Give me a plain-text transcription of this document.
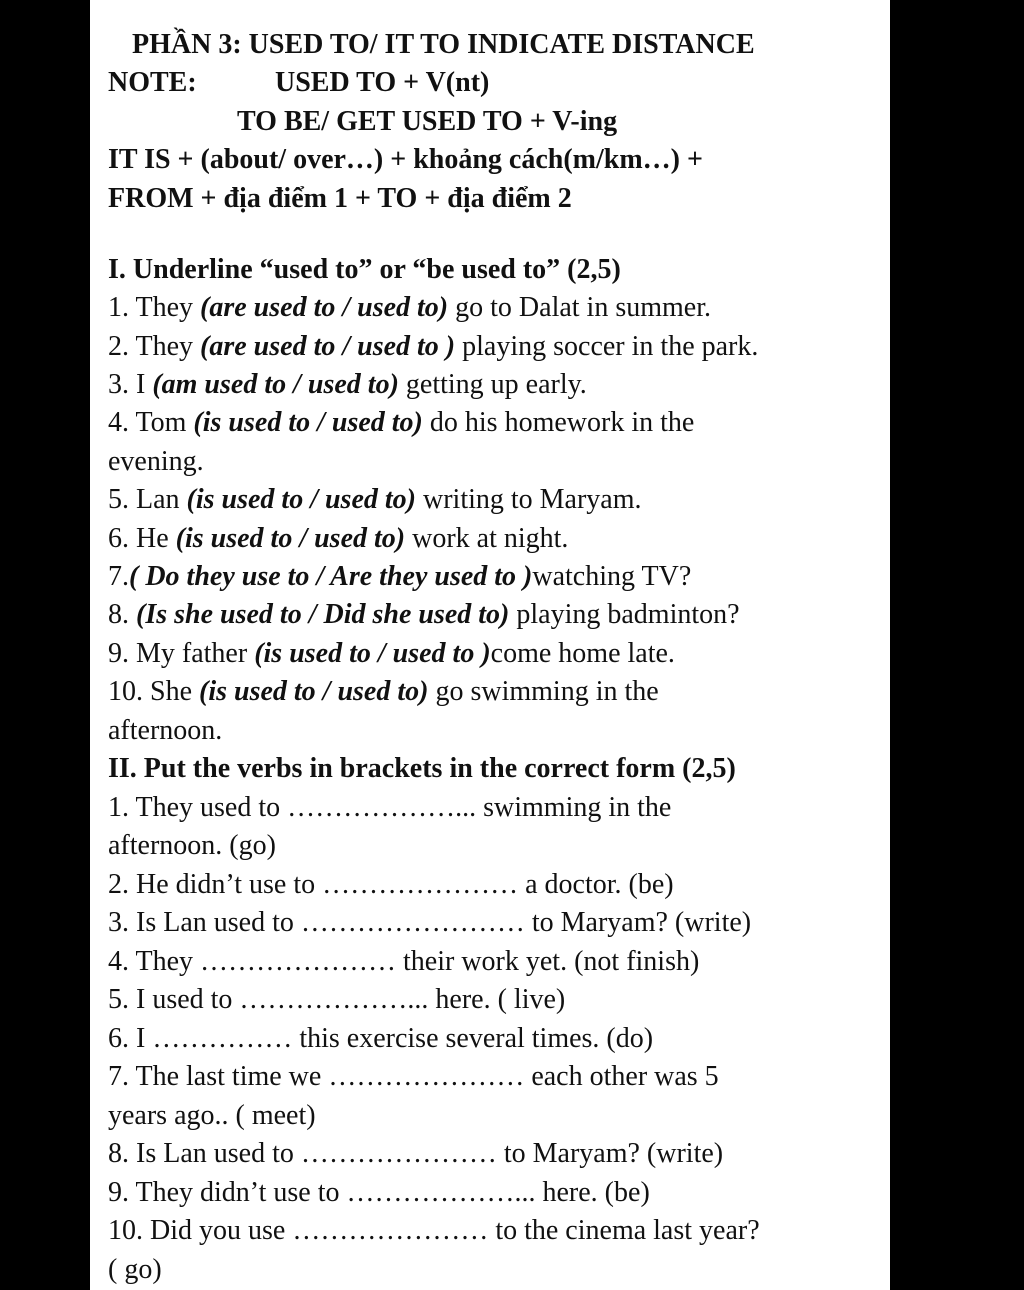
PHẦN 3: USED TO/ IT TO INDICATE DISTANCE
NOTE:	USED TO + V(nt)
TO BE/ GET USED TO + V-ing
IT IS + (about/ over…) + khoảng cách(m/km…) +
FROM + địa điểm 1 + TO + địa điểm 2
I. Underline “used to” or “be used to” (2,5)
1. They (are used to / used to) go to Dalat in summer.
2. They (are used to / used to ) playing soccer in the park.
3. I (am used to / used to) getting up early.
4. Tom (is used to / used to) do his homework in the
evening.
5. Lan (is used to / used to) writing to Maryam.
6. He (is used to / used to) work at night.
7.( Do they use to / Are they used to )watching TV?
8. (Is she used to / Did she used to) playing badminton?
9. My father (is used to / used to )come home late.
10. She (is used to / used to) go swimming in the
afternoon.
II. Put the verbs in brackets in the correct form (2,5)
1. They used to ………………... swimming in the
afternoon. (go)
2. He didn’t use to ………………… a doctor. (be)
3. Is Lan used to …………………… to Maryam? (write)
4. They ………………… their work yet. (not finish)
5. I used to ………………... here. ( live)
6. I …………… this exercise several times. (do)
7. The last time we ………………… each other was 5
years ago.. ( meet)
8. Is Lan used to ………………… to Maryam? (write)
9. They didn’t use to ………………... here. (be)
10. Did you use ………………… to the cinema last year?
( go)
